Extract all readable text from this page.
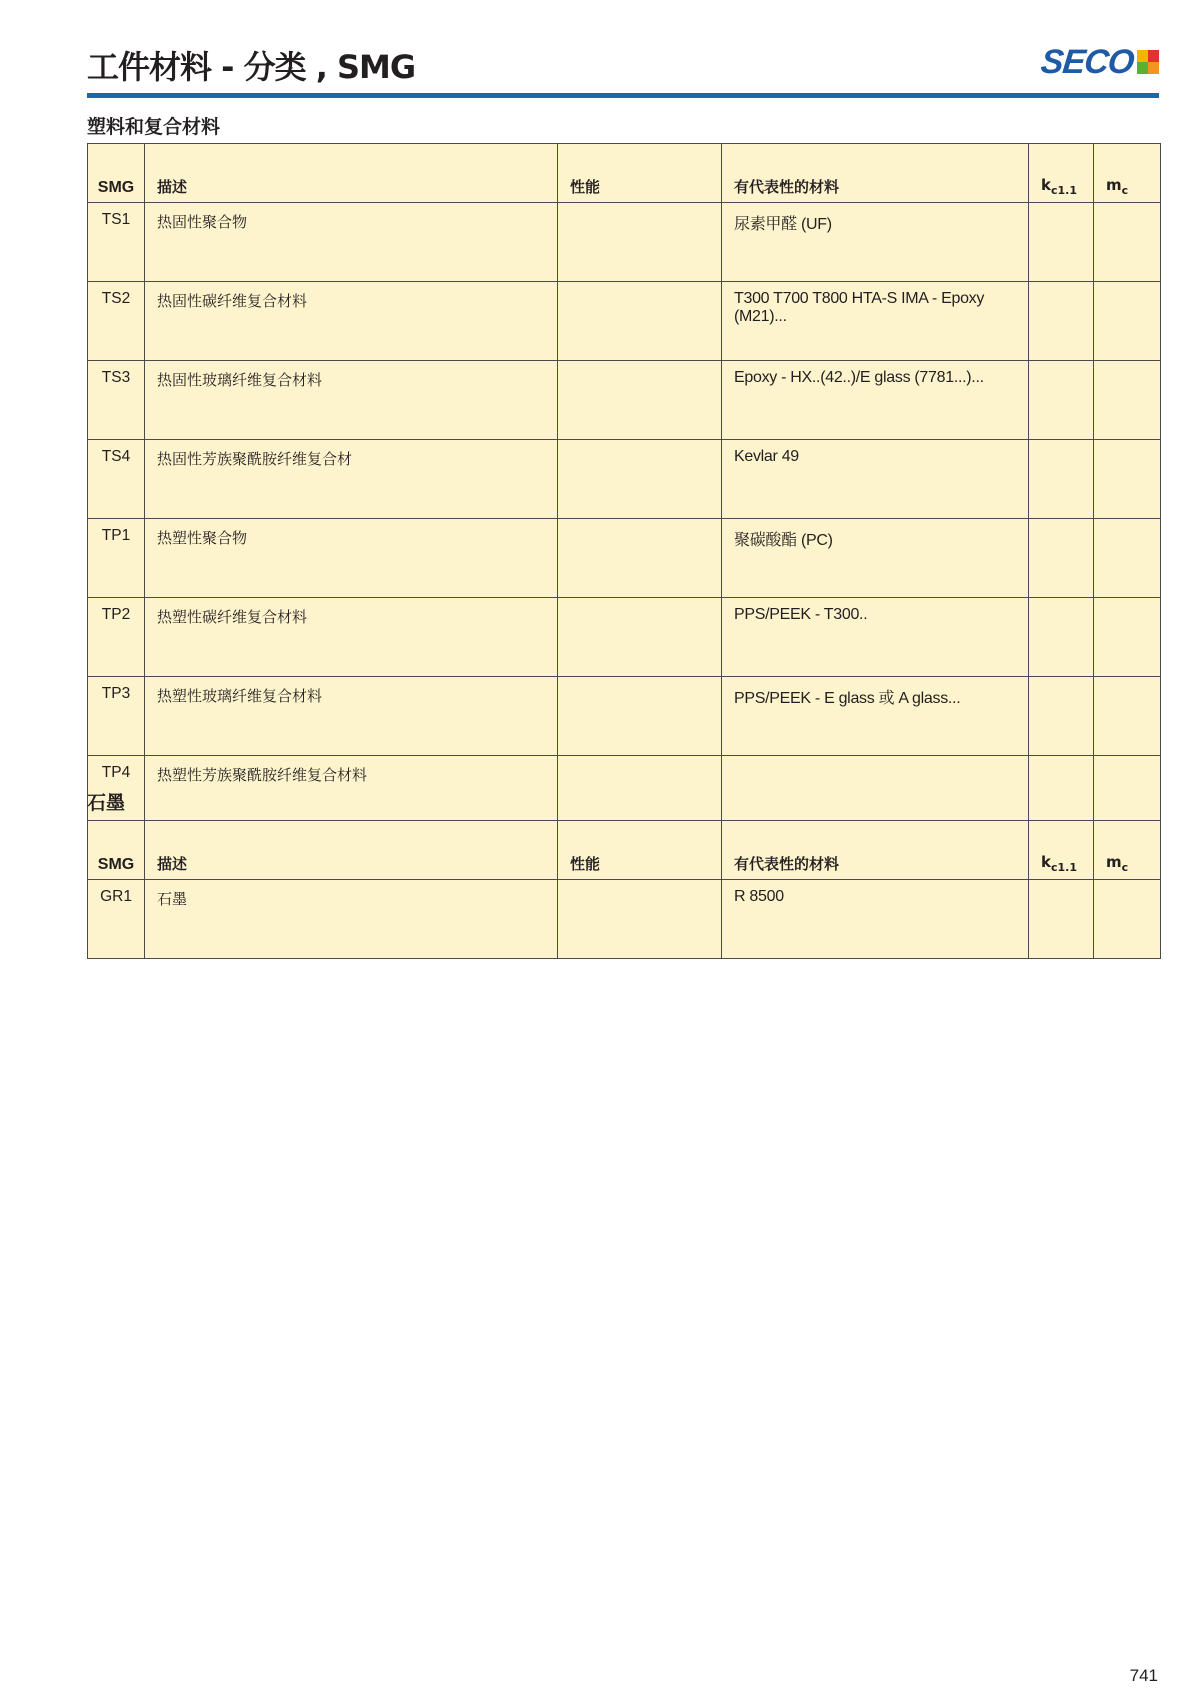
工件材料 - 分类 , SMG	SECO
塑料和复合材料
SMG	描述	性能	有代表性的材料	$k_{c1.1}$	$m_c$
TS1	热固性聚合物		尿素甲醛 (UF)		
TS2	热固性碳纤维复合材料		T300 T700 T800 HTA-S IMA - Epoxy (M21)...		
TS3	热固性玻璃纤维复合材料		Epoxy - HX..(42..)/E glass (7781...)...		
TS4	热固性芳族聚酰胺纤维复合材		Kevlar 49		
TP1	热塑性聚合物		聚碳酸酯 (PC)		
TP2	热塑性碳纤维复合材料		PPS/PEEK - T300..		
TP3	热塑性玻璃纤维复合材料		PPS/PEEK - E glass 或 A glass...		
TP4	热塑性芳族聚酰胺纤维复合材料				
石墨
SMG	描述	性能	有代表性的材料	$k_{c1.1}$	$m_c$
GR1	石墨		R 8500		
741
